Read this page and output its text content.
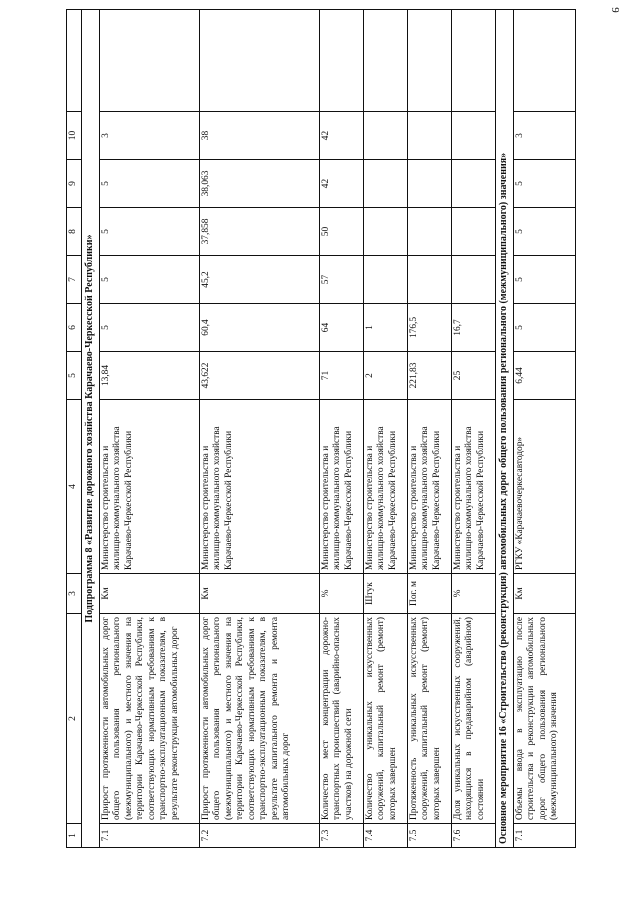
9
1	2	3	4	5	6	7	8	9	10	
Подпрограмма 8 «Развитие дорожного хозяйства Карачаево-Черкесской Республики»										
7.1	Прирост протяженности автомобильных дорог общего пользования регионального (межмуниципального) и местного значения на территории Карачаево-Черкесской Республики, соответствующих нормативным требованиям к транспортно-эксплуатационным показателям, в результате реконструкции автомобильных дорог	Км	Министерство строительства и жилищно-коммунального хозяйства Карачаево-Черкесской Республики	13,84	5	5	5	5	3	
7.2	Прирост протяженности автомобильных дорог общего пользования регионального (межмуниципального) и местного значения на территории Карачаево-Черкесской Республики, соответствующих нормативным требованиям к транспортно-эксплуатационным показателям, в результате капитального ремонта и ремонта автомобильных дорог	Км	Министерство строительства и жилищно-коммунального хозяйства Карачаево-Черкесской Республики	43,622	60,4	45,2	37,858	38,063	38	
7.3	Количество мест концентрации дорожно-транспортных происшествий (аварийно-опасных участков) на дорожной сети	%	Министерство строительства и жилищно-коммунального хозяйства Карачаево-Черкесской Республики	71	64	57	50	42	42	
7.4	Количество уникальных искусственных сооружений, капитальный ремонт (ремонт) которых завершен	Штук	Министерство строительства и жилищно-коммунального хозяйства Карачаево-Черкесской Республики	2	1					
7.5	Протяженность уникальных искусственных сооружений, капитальный ремонт (ремонт) которых завершен	Пог. м	Министерство строительства и жилищно-коммунального хозяйства Карачаево-Черкесской Республики	221,83	176,5					
7.6	Доля уникальных искусственных сооружений, находящихся в предаварийном (аварийном) состоянии	%	Министерство строительства и жилищно-коммунального хозяйства Карачаево-Черкесской Республики	25	16,7					
Основное мероприятие 16 «Строительство (реконструкция) автомобильных дорог общего пользования регионального (межмуниципального) значения»										
7.1	Объемы ввода в эксплуатацию после строительства и реконструкции автомобильных дорог общего пользования регионального (межмуниципального) значения	Км	РГКУ «Карачаевочеркесавтодор»	6,44	5	5	5	5	3	
